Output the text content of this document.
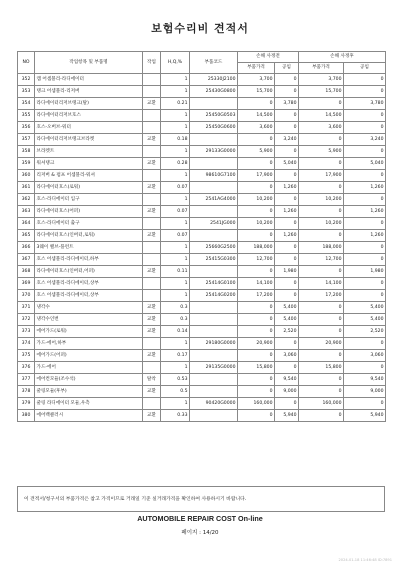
보험수리비 견적서
NO	작업항목 및 부품명	작업	H,Q,%	부품코드	손해 사정전		손해 사정후	
					부품가격	공임	부품가격	공임
352	캡 어셈블리-라디에이터		1	25330J2100	3,700	0	3,700	0
353	탱크 어셈블리-리저버		1	25430G0800	15,700	0	15,700	0
354	라디에이터리저브탱크(탈)	교환	0.21		0	3,780	0	3,780
355	라디에이터리저브호스		1	25450G0503	14,500	0	14,500	0
356	호스-오버브-워터		1	25450G0600	3,600	0	3,600	0
357	라디에이터리저브탱크브라켓	교환	0.18		0	3,240	0	3,240
358	브라켓트		1	29133G0000	5,900	0	5,900	0
359	워셔탱크	교환	0.28		0	5,040	0	5,040
360	리저버 & 펌프 어셈블리-워셔		1	98610G7100	17,900	0	17,900	0
361	라디에이터호스(로워)	교환	0.07		0	1,260	0	1,260
362	호스-라디에이터 입구		1	2541AG4000	10,200	0	10,200	0
363	라디에이터호스(어퍼)	교환	0.07		0	1,260	0	1,260
364	호스-라디에이터 출구		1	2541JG000	10,200	0	10,200	0
365	라디에이터호스(인버터,로워)	교환	0.07		0	1,260	0	1,260
366	3웨이 밸브-플런트		1	25660G2500	188,000	0	188,000	0
367	호스 어셈블리-라디에이터,하부		1	25415G0300	12,700	0	12,700	0
368	라디에이터호스(인버터,어퍼)	교환	0.11		0	1,980	0	1,980
369	호스 어셈블리-라디에이터,상부		1	25414G0100	14,100	0	14,100	0
370	호스 어셈블리-라디에이터,상부		1	25414G0200	17,200	0	17,200	0
371	냉각수	교환	0.3		0	5,400	0	5,400
372	냉각수인번	교환	0.3		0	5,400	0	5,400
373	에어가드(로워)	교환	0.14		0	2,520	0	2,520
374	가드-에어,하부		1	29180G0000	20,900	0	20,900	0
375	에어가드(어퍼)	교환	0.17		0	3,060	0	3,060
376	가드-에어		1	29135G0000	15,800	0	15,800	0
377	에어컨모듈(조수석)	탈착	0.53		0	9,540	0	9,540
378	쿨링모듈(후부)	교환	0.5		0	9,000	0	9,000
379	쿨링 라디에이터 모듈,우측		1	90420G0000	160,000	0	160,000	0
380	에어백클러시	교환	0.33		0	5,940	0	5,940
이 견적서/청구서의 부품가격은 참고 가격이므로 거래일 기준 실거래가격을 확인하여 사용하시기 바랍니다.
AUTOMOBILE REPAIR COST On-line
페이지 : 14/20
2024-01-18 11:46:48 ID:7891
